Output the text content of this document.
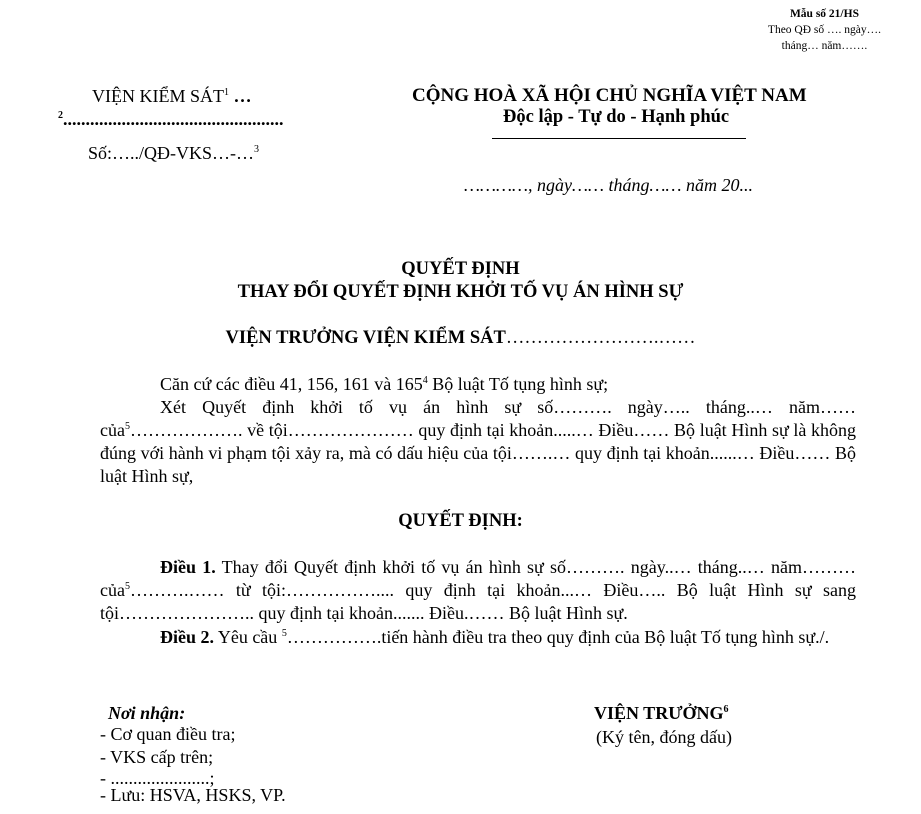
Mẫu số 21/HS
Theo QĐ số …. ngày….
tháng… năm…….
VIỆN KIỂM SÁT$^1$ …
$^2$.................................................
Số:…../QĐ-VKS…-…$^3$
CỘNG HOÀ XÃ HỘI CHỦ NGHĨA VIỆT NAM
Độc lập - Tự do - Hạnh phúc
…………, ngày…… tháng…… năm 20...
QUYẾT ĐỊNH
THAY ĐỔI QUYẾT ĐỊNH KHỞI TỐ VỤ ÁN HÌNH SỰ
VIỆN TRƯỞNG VIỆN KIỂM SÁT…………………….……
Căn cứ các điều 41, 156, 161 và $165^4$ Bộ luật Tố tụng hình sự;
Xét Quyết định khởi tố vụ án hình sự số………. ngày….. tháng..… năm…… của$^5$………………. về tội………………… quy định tại khoản.....… Điều…… Bộ luật Hình sự là không đúng với hành vi phạm tội xảy ra, mà có dấu hiệu của tội…….… quy định tại khoản......… Điều…… Bộ luật Hình sự,
QUYẾT ĐỊNH:
Điều 1. Thay đổi Quyết định khởi tố vụ án hình sự số………. ngày..… tháng..… năm……… của$^5$……….…… từ tội:…………….... quy định tại khoản...… Điều….. Bộ luật Hình sự sang tội………………….. quy định tại khoản....... Điều.…… Bộ luật Hình sự.
Điều 2. Yêu cầu $^5$…………….tiến hành điều tra theo quy định của Bộ luật Tố tụng hình sự./.
Nơi nhận:
- Cơ quan điều tra;
- VKS cấp trên;
- ......................;
- Lưu: HSVA, HSKS, VP.
VIỆN TRƯỞNG$^6$
(Ký tên, đóng dấu)
